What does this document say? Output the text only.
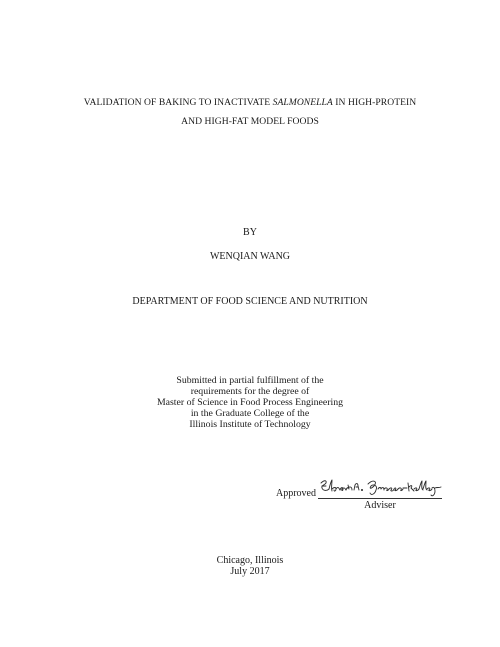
VALIDATION OF BAKING TO INACTIVATE SALMONELLA IN HIGH-PROTEIN
AND HIGH-FAT MODEL FOODS
BY
WENQIAN WANG
DEPARTMENT OF FOOD SCIENCE AND NUTRITION
Submitted in partial fulfillment of the
requirements for the degree of
Master of Science in Food Process Engineering
in the Graduate College of the
Illinois Institute of Technology
Approved
Adviser
Chicago, Illinois
July 2017
